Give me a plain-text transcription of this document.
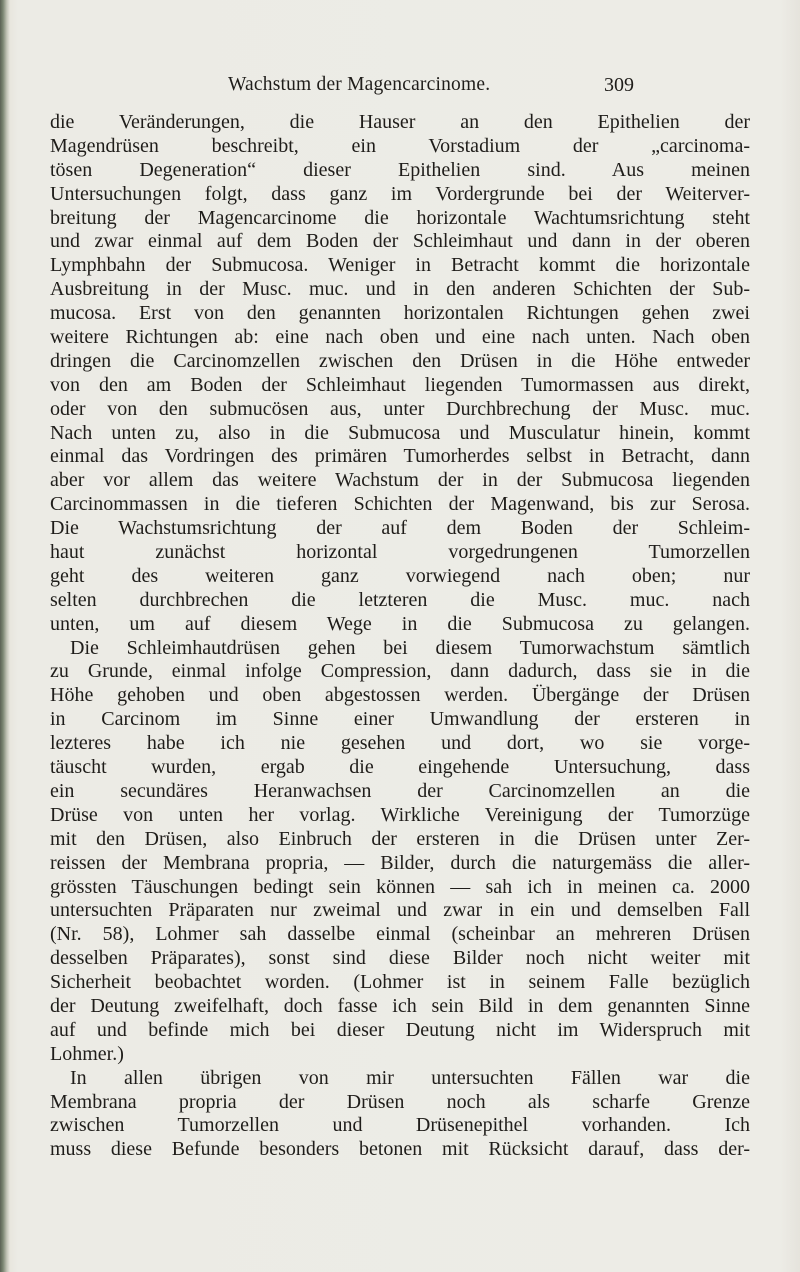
Wachstum der Magencarcinome.	309
die Veränderungen, die Hauser an den Epithelien der
Magendrüsen beschreibt, ein Vorstadium der „carcinoma-
tösen Degeneration“ dieser Epithelien sind. Aus meinen
Untersuchungen folgt, dass ganz im Vordergrunde bei der Weiterver-
breitung der Magencarcinome die horizontale Wachtumsrichtung steht
und zwar einmal auf dem Boden der Schleimhaut und dann in der oberen
Lymphbahn der Submucosa. Weniger in Betracht kommt die horizontale
Ausbreitung in der Musc. muc. und in den anderen Schichten der Sub-
mucosa. Erst von den genannten horizontalen Richtungen gehen zwei
weitere Richtungen ab: eine nach oben und eine nach unten. Nach oben
dringen die Carcinomzellen zwischen den Drüsen in die Höhe entweder
von den am Boden der Schleimhaut liegenden Tumormassen aus direkt,
oder von den submucösen aus, unter Durchbrechung der Musc. muc.
Nach unten zu, also in die Submucosa und Musculatur hinein, kommt
einmal das Vordringen des primären Tumorherdes selbst in Betracht, dann
aber vor allem das weitere Wachstum der in der Submucosa liegenden
Carcinommassen in die tieferen Schichten der Magenwand, bis zur Serosa.
Die Wachstumsrichtung der auf dem Boden der Schleim-
haut zunächst horizontal vorgedrungenen Tumorzellen
geht des weiteren ganz vorwiegend nach oben; nur
selten durchbrechen die letzteren die Musc. muc. nach
unten, um auf diesem Wege in die Submucosa zu gelangen.
Die Schleimhautdrüsen gehen bei diesem Tumorwachstum sämtlich
zu Grunde, einmal infolge Compression, dann dadurch, dass sie in die
Höhe gehoben und oben abgestossen werden. Übergänge der Drüsen
in Carcinom im Sinne einer Umwandlung der ersteren in
lezteres habe ich nie gesehen und dort, wo sie vorge-
täuscht wurden, ergab die eingehende Untersuchung, dass
ein secundäres Heranwachsen der Carcinomzellen an die
Drüse von unten her vorlag. Wirkliche Vereinigung der Tumorzüge
mit den Drüsen, also Einbruch der ersteren in die Drüsen unter Zer-
reissen der Membrana propria, — Bilder, durch die naturgemäss die aller-
grössten Täuschungen bedingt sein können — sah ich in meinen ca. 2000
untersuchten Präparaten nur zweimal und zwar in ein und demselben Fall
(Nr. 58), Lohmer sah dasselbe einmal (scheinbar an mehreren Drüsen
desselben Präparates), sonst sind diese Bilder noch nicht weiter mit
Sicherheit beobachtet worden. (Lohmer ist in seinem Falle bezüglich
der Deutung zweifelhaft, doch fasse ich sein Bild in dem genannten Sinne
auf und befinde mich bei dieser Deutung nicht im Widerspruch mit
Lohmer.)
In allen übrigen von mir untersuchten Fällen war die
Membrana propria der Drüsen noch als scharfe Grenze
zwischen Tumorzellen und Drüsenepithel vorhanden. Ich
muss diese Befunde besonders betonen mit Rücksicht darauf, dass der-
